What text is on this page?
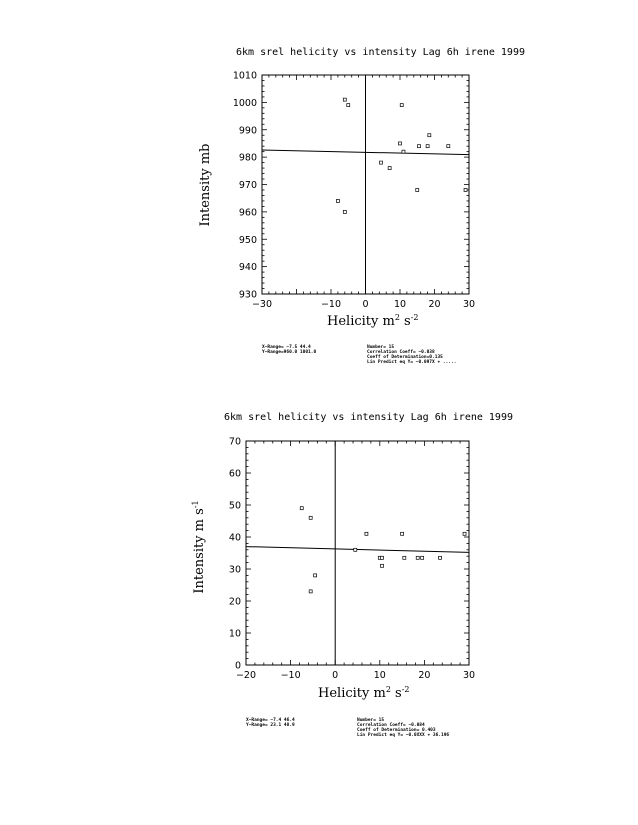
6km srel helicity vs intensity Lag 6h irene 1999
−30	−10 0	10 20 30
930
940
950
960
970
980
990
1000
1010
Helicity $m^2$ $s^{-2}$
Intensity mb
X−Range= −7.5 44.4
Y−Range=960.0 1001.0
Number= 15
Correlation Coeff= −0.038
Coeff of Determination=0.135
Lin Predict eq Y= −0.097X + .....
6km srel helicity vs intensity Lag 6h irene 1999
−20	−10	0	10	20	30
0
10
20
30
40
50
60
70
Helicity $m^2$ $s^{-2}$
Intensity m $s^{-1}$
X−Range= −7.4 46.4
Y−Range= 23.1 48.9
Number= 15
Correlation Coeff= −0.084
Coeff of Determination= 0.403
Lin Predict eq Y= −0.0XXX + 36.196
